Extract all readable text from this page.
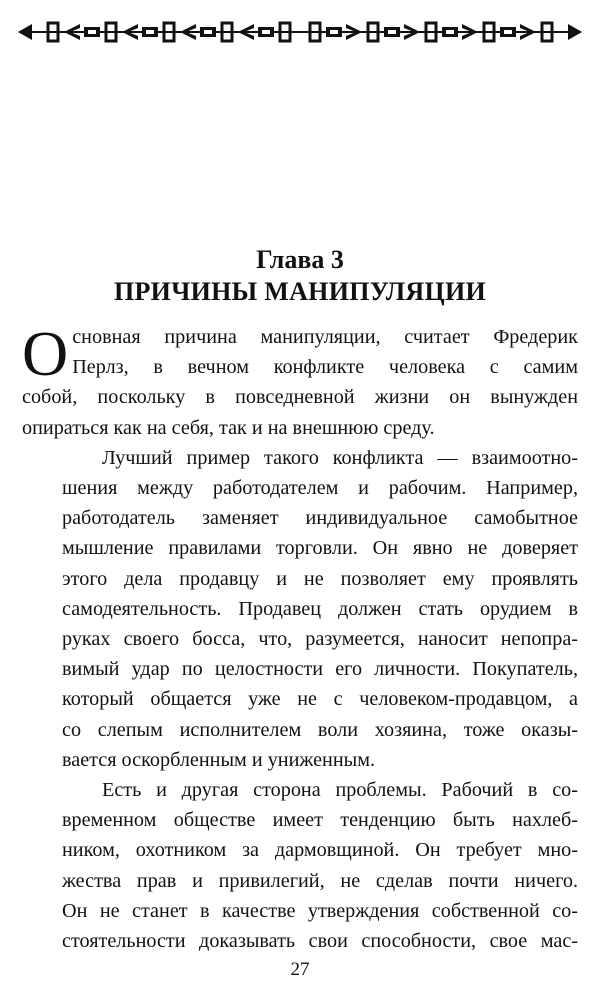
Глава 3
ПРИЧИНЫ МАНИПУЛЯЦИИ
О сновная причина манипуляции, считает Фредерик
Перлз, в вечном конфликте человека с самим
собой, поскольку в повседневной жизни он вынужден
опираться как на себя, так и на внешнюю среду.
Лучший пример такого конфликта — взаимоотно-
шения между работодателем и рабочим. Например,
работодатель заменяет индивидуальное самобытное
мышление правилами торговли. Он явно не доверяет
этого дела продавцу и не позволяет ему проявлять
самодеятельность. Продавец должен стать орудием в
руках своего босса, что, разумеется, наносит непопра-
вимый удар по целостности его личности. Покупатель,
который общается уже не с человеком-продавцом, а
со слепым исполнителем воли хозяина, тоже оказы-
вается оскорбленным и униженным.
Есть и другая сторона проблемы. Рабочий в со-
временном обществе имеет тенденцию быть нахлеб-
ником, охотником за дармовщиной. Он требует мно-
жества прав и привилегий, не сделав почти ничего.
Он не станет в качестве утверждения собственной со-
стоятельности доказывать свои способности, свое мас-
27
